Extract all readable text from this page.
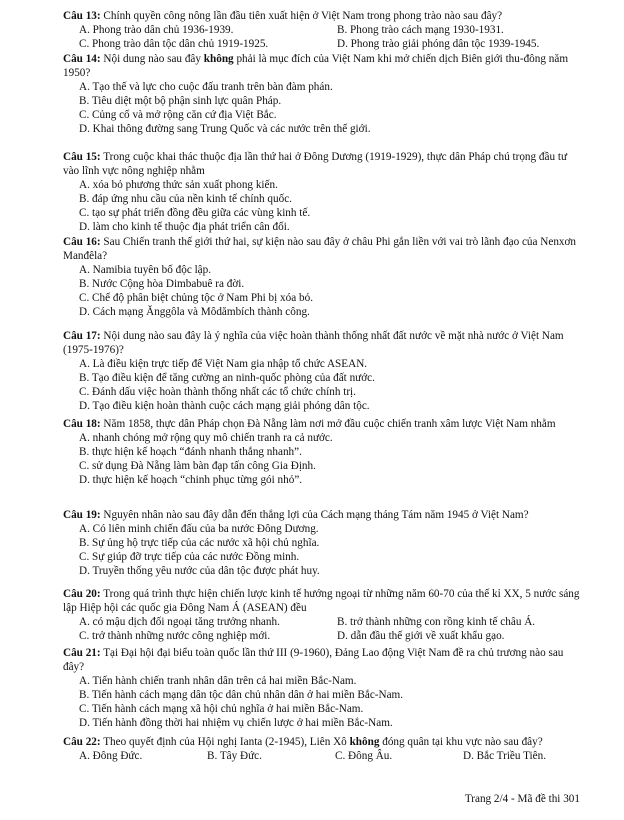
Câu 13: Chính quyền công nông lần đầu tiên xuất hiện ở Việt Nam trong phong trào nào sau đây?

A. Phong trào dân chủ 1936-1939.	B. Phong trào cách mạng 1930-1931.
C. Phong trào dân tộc dân chủ 1919-1925.	D. Phong trào giải phóng dân tộc 1939-1945.

Câu 14: Nội dung nào sau đây không phải là mục đích của Việt Nam khi mở chiến dịch Biên giới thu-đông năm 1950?

A. Tạo thế và lực cho cuộc đấu tranh trên bàn đàm phán.
B. Tiêu diệt một bộ phận sinh lực quân Pháp.
C. Củng cố và mở rộng căn cứ địa Việt Bắc.
D. Khai thông đường sang Trung Quốc và các nước trên thế giới.

Câu 15: Trong cuộc khai thác thuộc địa lần thứ hai ở Đông Dương (1919-1929), thực dân Pháp chú trọng đầu tư vào lĩnh vực nông nghiệp nhằm

A. xóa bỏ phương thức sản xuất phong kiến.
B. đáp ứng nhu cầu của nền kinh tế chính quốc.
C. tạo sự phát triển đồng đều giữa các vùng kinh tế.
D. làm cho kinh tế thuộc địa phát triển cân đối.

Câu 16: Sau Chiến tranh thế giới thứ hai, sự kiện nào sau đây ở châu Phi gắn liền với vai trò lãnh đạo của Nenxơn Manđêla?

A. Namibia tuyên bố độc lập.
B. Nước Cộng hòa Dimbabuê ra đời.
C. Chế độ phân biệt chủng tộc ở Nam Phi bị xóa bỏ.
D. Cách mạng Ănggôla và Môdămbích thành công.

Câu 17: Nội dung nào sau đây là ý nghĩa của việc hoàn thành thống nhất đất nước về mặt nhà nước ở Việt Nam (1975-1976)?

A. Là điều kiện trực tiếp để Việt Nam gia nhập tổ chức ASEAN.
B. Tạo điều kiện để tăng cường an ninh-quốc phòng của đất nước.
C. Đánh dấu việc hoàn thành thống nhất các tổ chức chính trị.
D. Tạo điều kiện hoàn thành cuộc cách mạng giải phóng dân tộc.

Câu 18: Năm 1858, thực dân Pháp chọn Đà Nẵng làm nơi mở đầu cuộc chiến tranh xâm lược Việt Nam nhằm

A. nhanh chóng mở rộng quy mô chiến tranh ra cả nước.
B. thực hiện kế hoạch “đánh nhanh thắng nhanh”.
C. sử dụng Đà Nẵng làm bàn đạp tấn công Gia Định.
D. thực hiện kế hoạch “chinh phục từng gói nhỏ”.

Câu 19: Nguyên nhân nào sau đây dẫn đến thắng lợi của Cách mạng tháng Tám năm 1945 ở Việt Nam?

A. Có liên minh chiến đấu của ba nước Đông Dương.
B. Sự ủng hộ trực tiếp của các nước xã hội chủ nghĩa.
C. Sự giúp đỡ trực tiếp của các nước Đồng minh.
D. Truyền thống yêu nước của dân tộc được phát huy.

Câu 20: Trong quá trình thực hiện chiến lược kinh tế hướng ngoại từ những năm 60-70 của thế kỉ XX, 5 nước sáng lập Hiệp hội các quốc gia Đông Nam Á (ASEAN) đều

A. có mậu dịch đối ngoại tăng trưởng nhanh.	B. trở thành những con rồng kinh tế châu Á.
C. trở thành những nước công nghiệp mới.	D. dẫn đầu thế giới về xuất khẩu gạo.

Câu 21: Tại Đại hội đại biểu toàn quốc lần thứ III (9-1960), Đảng Lao động Việt Nam đề ra chủ trương nào sau đây?

A. Tiến hành chiến tranh nhân dân trên cả hai miền Bắc-Nam.
B. Tiến hành cách mạng dân tộc dân chủ nhân dân ở hai miền Bắc-Nam.
C. Tiến hành cách mạng xã hội chủ nghĩa ở hai miền Bắc-Nam.
D. Tiến hành đồng thời hai nhiệm vụ chiến lược ở hai miền Bắc-Nam.

Câu 22: Theo quyết định của Hội nghị Ianta (2-1945), Liên Xô không đóng quân tại khu vực nào sau đây?

A. Đông Đức.	B. Tây Đức.	C. Đông Âu.	D. Bắc Triều Tiên.
Trang 2/4 - Mã đề thi 301
